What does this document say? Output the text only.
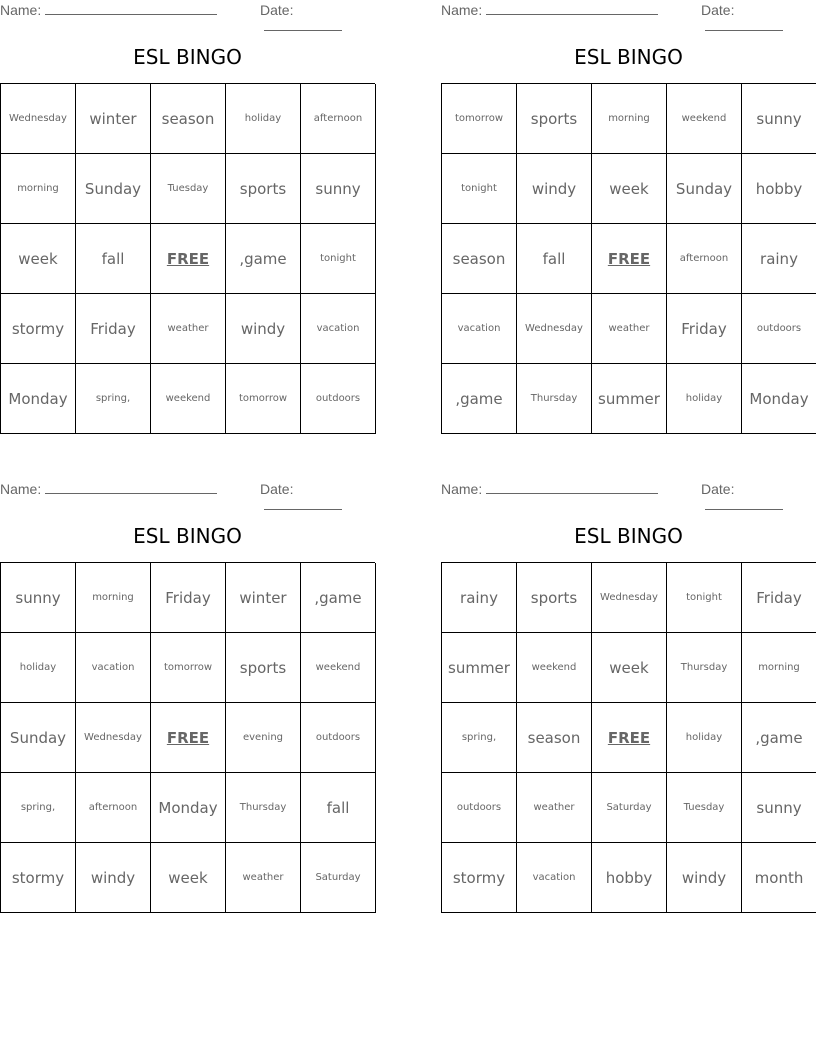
Name:	Date:
ESL BINGO
Wednesday	winter	season	holiday	afternoon
morning	Sunday	Tuesday	sports	sunny
week	fall	FREE	,game	tonight
stormy	Friday	weather	windy	vacation
Monday	spring,	weekend	tomorrow	outdoors
Name:	Date:
ESL BINGO
tomorrow	sports	morning	weekend	sunny
tonight	windy	week	Sunday	hobby
season	fall	FREE	afternoon	rainy
vacation	Wednesday	weather	Friday	outdoors
,game	Thursday	summer	holiday	Monday
Name:	Date:
ESL BINGO
sunny	morning	Friday	winter	,game
holiday	vacation	tomorrow	sports	weekend
Sunday	Wednesday	FREE	evening	outdoors
spring,	afternoon	Monday	Thursday	fall
stormy	windy	week	weather	Saturday
Name:	Date:
ESL BINGO
rainy	sports	Wednesday	tonight	Friday
summer	weekend	week	Thursday	morning
spring,	season	FREE	holiday	,game
outdoors	weather	Saturday	Tuesday	sunny
stormy	vacation	hobby	windy	month
